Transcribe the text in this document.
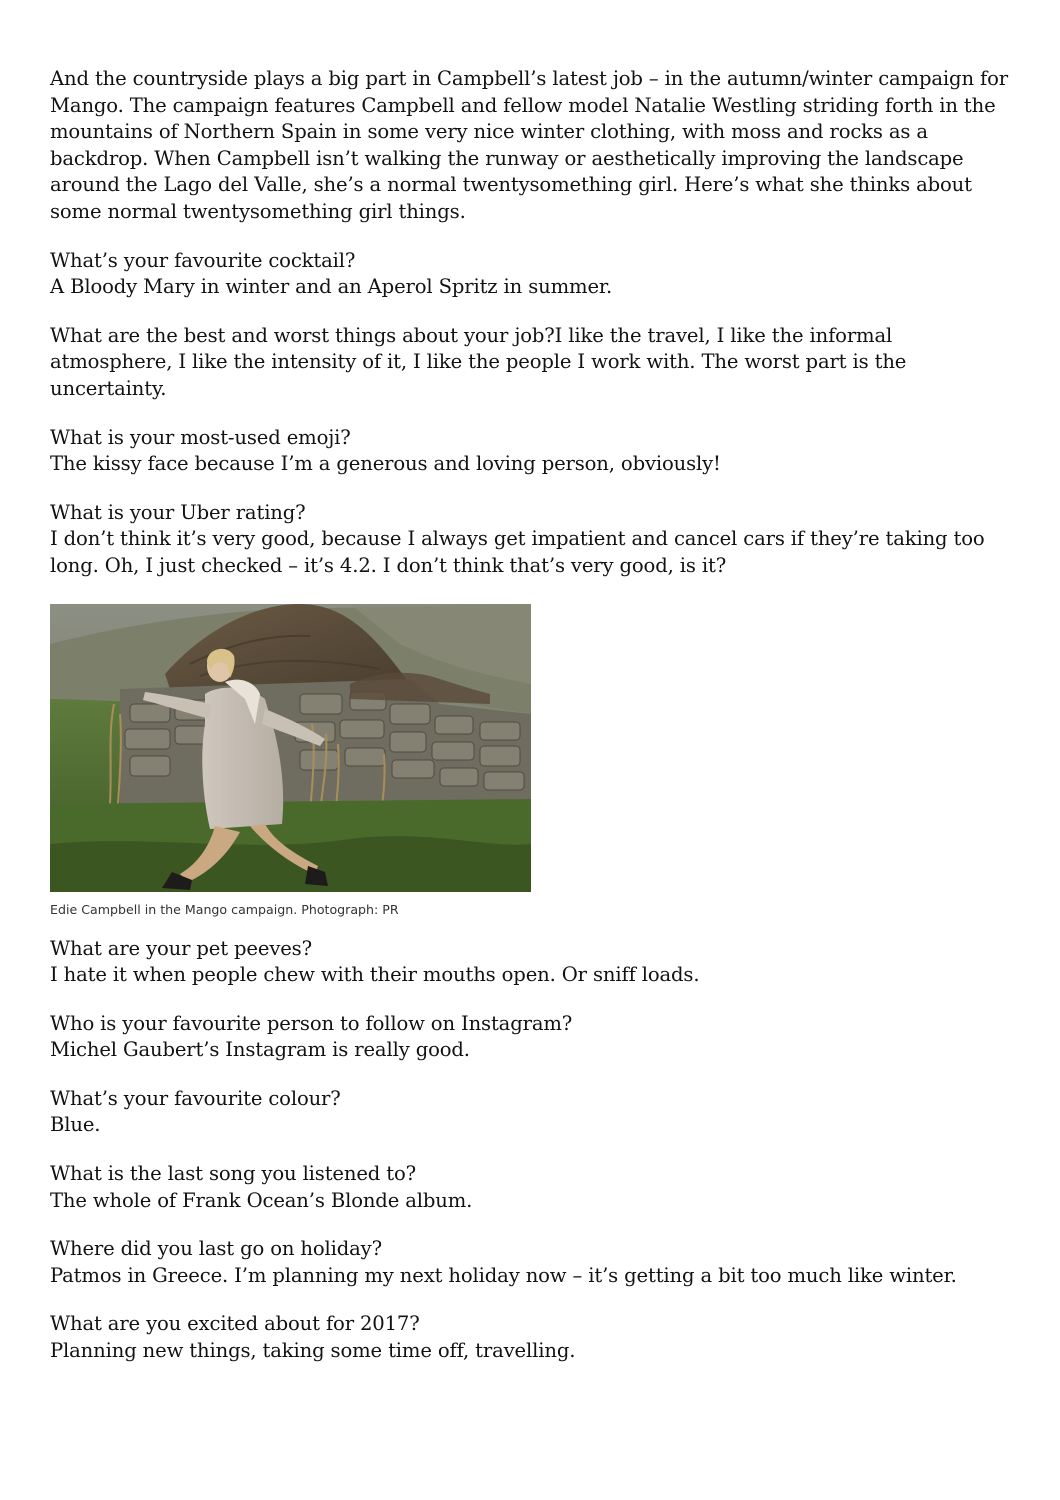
And the countryside plays a big part in Campbell’s latest job – in the autumn/winter campaign for Mango. The campaign features Campbell and fellow model Natalie Westling striding forth in the mountains of Northern Spain in some very nice winter clothing, with moss and rocks as a backdrop. When Campbell isn’t walking the runway or aesthetically improving the landscape around the Lago del Valle, she’s a normal twentysomething girl. Here’s what she thinks about some normal twentysomething girl things.

What’s your favourite cocktail?
A Bloody Mary in winter and an Aperol Spritz in summer.
What are the best and worst things about your job?I like the travel, I like the informal atmosphere, I like the intensity of it, I like the people I work with. The worst part is the uncertainty.
What is your most-used emoji?
The kissy face because I’m a generous and loving person, obviously!
What is your Uber rating?
I don’t think it’s very good, because I always get impatient and cancel cars if they’re taking too long. Oh, I just checked – it’s 4.2. I don’t think that’s very good, is it?
Edie Campbell in the Mango campaign. Photograph: PR
What are your pet peeves?
I hate it when people chew with their mouths open. Or sniff loads.
Who is your favourite person to follow on Instagram?
Michel Gaubert’s Instagram is really good.
What’s your favourite colour?
Blue.
What is the last song you listened to?
The whole of Frank Ocean’s Blonde album.
Where did you last go on holiday?
Patmos in Greece. I’m planning my next holiday now – it’s getting a bit too much like winter.
What are you excited about for 2017?
Planning new things, taking some time off, travelling.
